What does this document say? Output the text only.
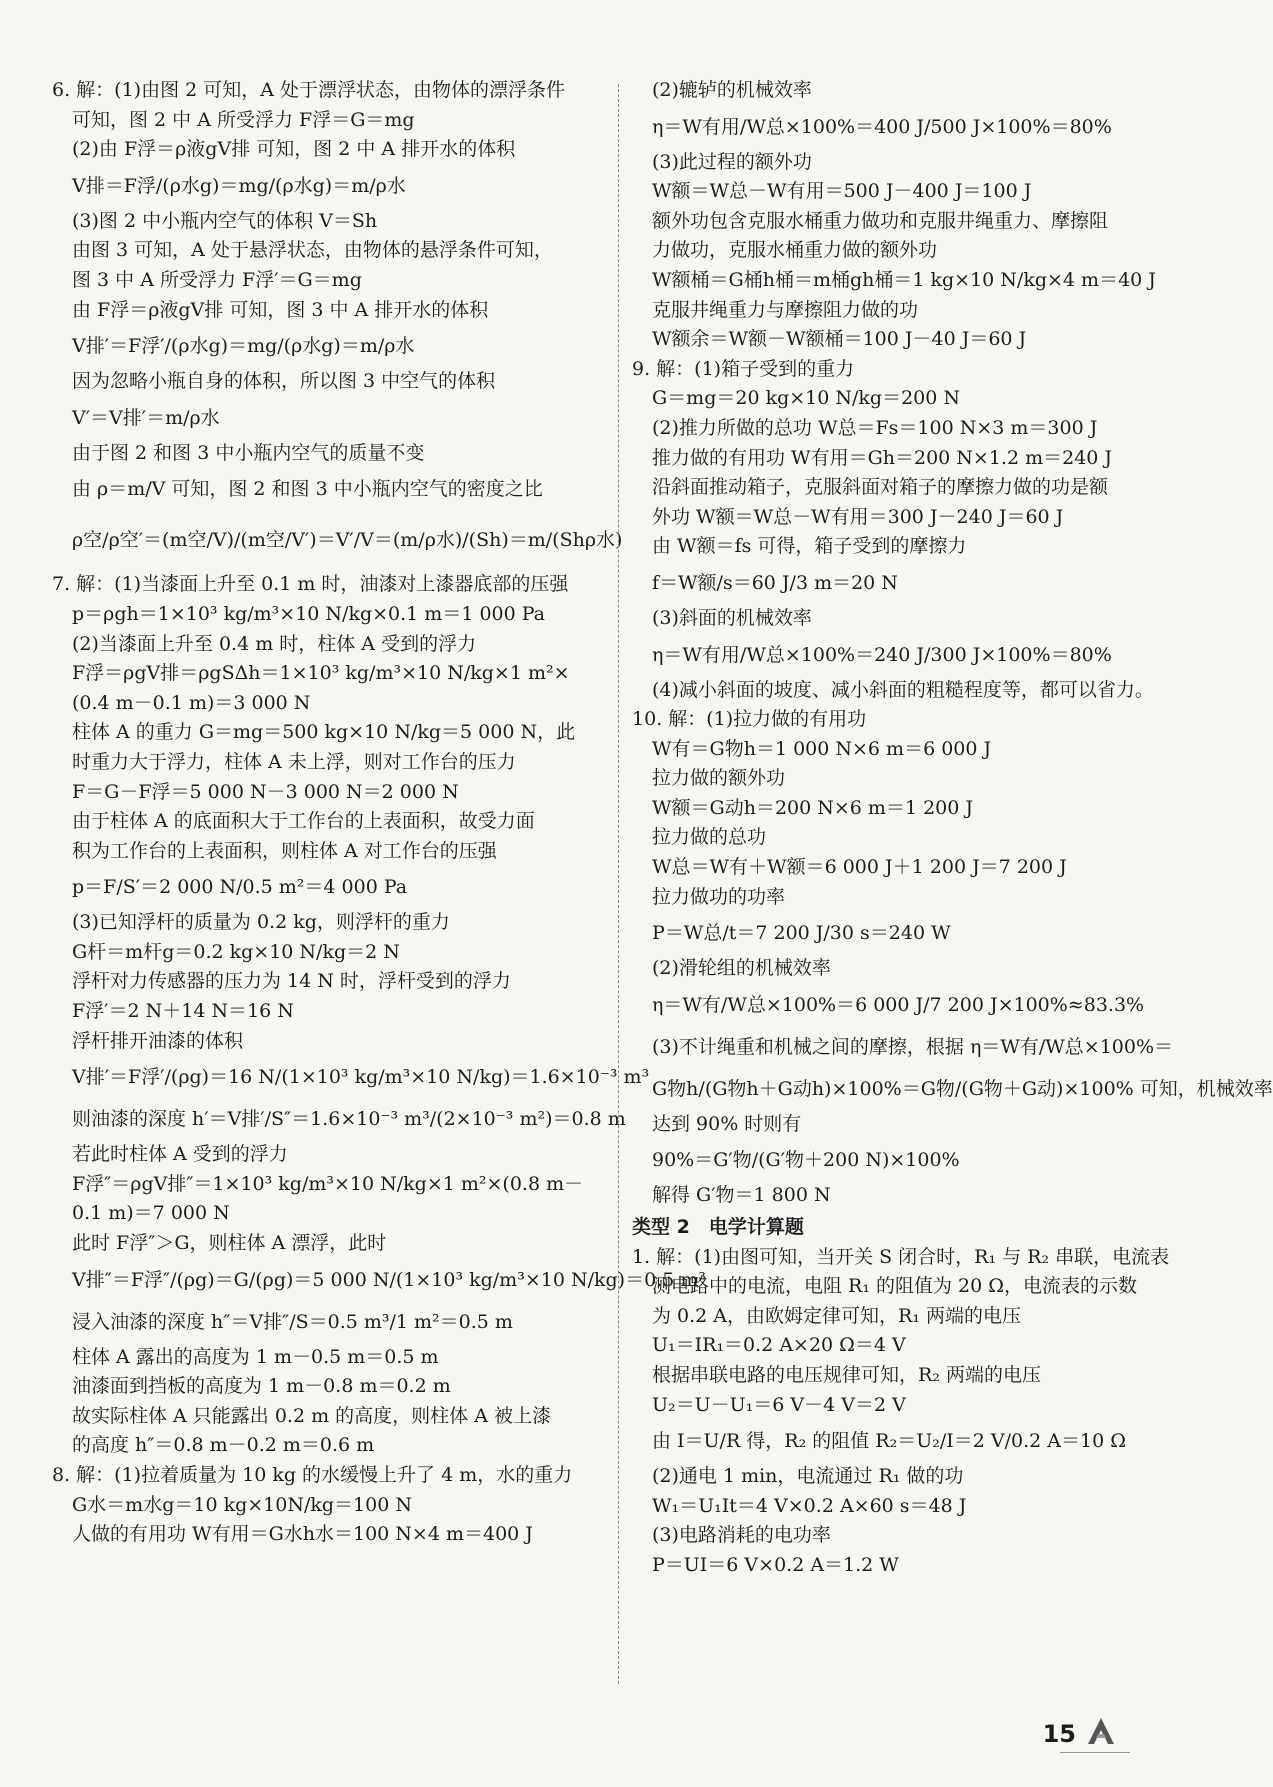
6. 解：(1)由图 2 可知，A 处于漂浮状态，由物体的漂浮条件
可知，图 2 中 A 所受浮力 F浮＝G＝mg
(2)由 F浮＝ρ液gV排 可知，图 2 中 A 排开水的体积
V排＝F浮/(ρ水g)＝mg/(ρ水g)＝m/ρ水
(3)图 2 中小瓶内空气的体积 V＝Sh
由图 3 可知，A 处于悬浮状态，由物体的悬浮条件可知，
图 3 中 A 所受浮力 F浮′＝G＝mg
由 F浮＝ρ液gV排 可知，图 3 中 A 排开水的体积
V排′＝F浮′/(ρ水g)＝mg/(ρ水g)＝m/ρ水
因为忽略小瓶自身的体积，所以图 3 中空气的体积
V′＝V排′＝m/ρ水
由于图 2 和图 3 中小瓶内空气的质量不变
由 ρ＝m/V 可知，图 2 和图 3 中小瓶内空气的密度之比
ρ空/ρ空′＝(m空/V)/(m空/V′)＝V′/V＝(m/ρ水)/(Sh)＝m/(Shρ水)
7. 解：(1)当漆面上升至 0.1 m 时，油漆对上漆器底部的压强
p＝ρgh＝1×10³ kg/m³×10 N/kg×0.1 m＝1 000 Pa
(2)当漆面上升至 0.4 m 时，柱体 A 受到的浮力
F浮＝ρgV排＝ρgSΔh＝1×10³ kg/m³×10 N/kg×1 m²×
(0.4 m－0.1 m)＝3 000 N
柱体 A 的重力 G＝mg＝500 kg×10 N/kg＝5 000 N，此
时重力大于浮力，柱体 A 未上浮，则对工作台的压力
F＝G－F浮＝5 000 N－3 000 N＝2 000 N
由于柱体 A 的底面积大于工作台的上表面积，故受力面
积为工作台的上表面积，则柱体 A 对工作台的压强
p＝F/S′＝2 000 N/0.5 m²＝4 000 Pa
(3)已知浮杆的质量为 0.2 kg，则浮杆的重力
G杆＝m杆g＝0.2 kg×10 N/kg＝2 N
浮杆对力传感器的压力为 14 N 时，浮杆受到的浮力
F浮′＝2 N＋14 N＝16 N
浮杆排开油漆的体积
V排′＝F浮′/(ρg)＝16 N/(1×10³ kg/m³×10 N/kg)＝1.6×10⁻³ m³
则油漆的深度 h′＝V排′/S″＝1.6×10⁻³ m³/(2×10⁻³ m²)＝0.8 m
若此时柱体 A 受到的浮力
F浮″＝ρgV排″＝1×10³ kg/m³×10 N/kg×1 m²×(0.8 m－
0.1 m)＝7 000 N
此时 F浮″＞G，则柱体 A 漂浮，此时
V排″＝F浮″/(ρg)＝G/(ρg)＝5 000 N/(1×10³ kg/m³×10 N/kg)＝0.5 m³
浸入油漆的深度 h″＝V排″/S＝0.5 m³/1 m²＝0.5 m
柱体 A 露出的高度为 1 m－0.5 m＝0.5 m
油漆面到挡板的高度为 1 m－0.8 m＝0.2 m
故实际柱体 A 只能露出 0.2 m 的高度，则柱体 A 被上漆
的高度 h″＝0.8 m－0.2 m＝0.6 m
8. 解：(1)拉着质量为 10 kg 的水缓慢上升了 4 m，水的重力
G水＝m水g＝10 kg×10N/kg＝100 N
人做的有用功 W有用＝G水h水＝100 N×4 m＝400 J
(2)辘轳的机械效率
η＝W有用/W总×100%＝400 J/500 J×100%＝80%
(3)此过程的额外功
W额＝W总－W有用＝500 J－400 J＝100 J
额外功包含克服水桶重力做功和克服井绳重力、摩擦阻
力做功，克服水桶重力做的额外功
W额桶＝G桶h桶＝m桶gh桶＝1 kg×10 N/kg×4 m＝40 J
克服井绳重力与摩擦阻力做的功
W额余＝W额－W额桶＝100 J－40 J＝60 J
9. 解：(1)箱子受到的重力
G＝mg＝20 kg×10 N/kg＝200 N
(2)推力所做的总功 W总＝Fs＝100 N×3 m＝300 J
推力做的有用功 W有用＝Gh＝200 N×1.2 m＝240 J
沿斜面推动箱子，克服斜面对箱子的摩擦力做的功是额
外功 W额＝W总－W有用＝300 J－240 J＝60 J
由 W额＝fs 可得，箱子受到的摩擦力
f＝W额/s＝60 J/3 m＝20 N
(3)斜面的机械效率
η＝W有用/W总×100%＝240 J/300 J×100%＝80%
(4)减小斜面的坡度、减小斜面的粗糙程度等，都可以省力。
10. 解：(1)拉力做的有用功
W有＝G物h＝1 000 N×6 m＝6 000 J
拉力做的额外功
W额＝G动h＝200 N×6 m＝1 200 J
拉力做的总功
W总＝W有＋W额＝6 000 J＋1 200 J＝7 200 J
拉力做功的功率
P＝W总/t＝7 200 J/30 s＝240 W
(2)滑轮组的机械效率
η＝W有/W总×100%＝6 000 J/7 200 J×100%≈83.3%
(3)不计绳重和机械之间的摩擦，根据 η＝W有/W总×100%＝
G物h/(G物h＋G动h)×100%＝G物/(G物＋G动)×100% 可知，机械效率
达到 90% 时则有
90%＝G′物/(G′物＋200 N)×100%
解得 G′物＝1 800 N
类型 2　电学计算题
1. 解：(1)由图可知，当开关 S 闭合时，R₁ 与 R₂ 串联，电流表
测电路中的电流，电阻 R₁ 的阻值为 20 Ω，电流表的示数
为 0.2 A，由欧姆定律可知，R₁ 两端的电压
U₁＝IR₁＝0.2 A×20 Ω＝4 V
根据串联电路的电压规律可知，R₂ 两端的电压
U₂＝U－U₁＝6 V－4 V＝2 V
由 I＝U/R 得，R₂ 的阻值 R₂＝U₂/I＝2 V/0.2 A＝10 Ω
(2)通电 1 min，电流通过 R₁ 做的功
W₁＝U₁It＝4 V×0.2 A×60 s＝48 J
(3)电路消耗的电功率
P＝UI＝6 V×0.2 A＝1.2 W
15
